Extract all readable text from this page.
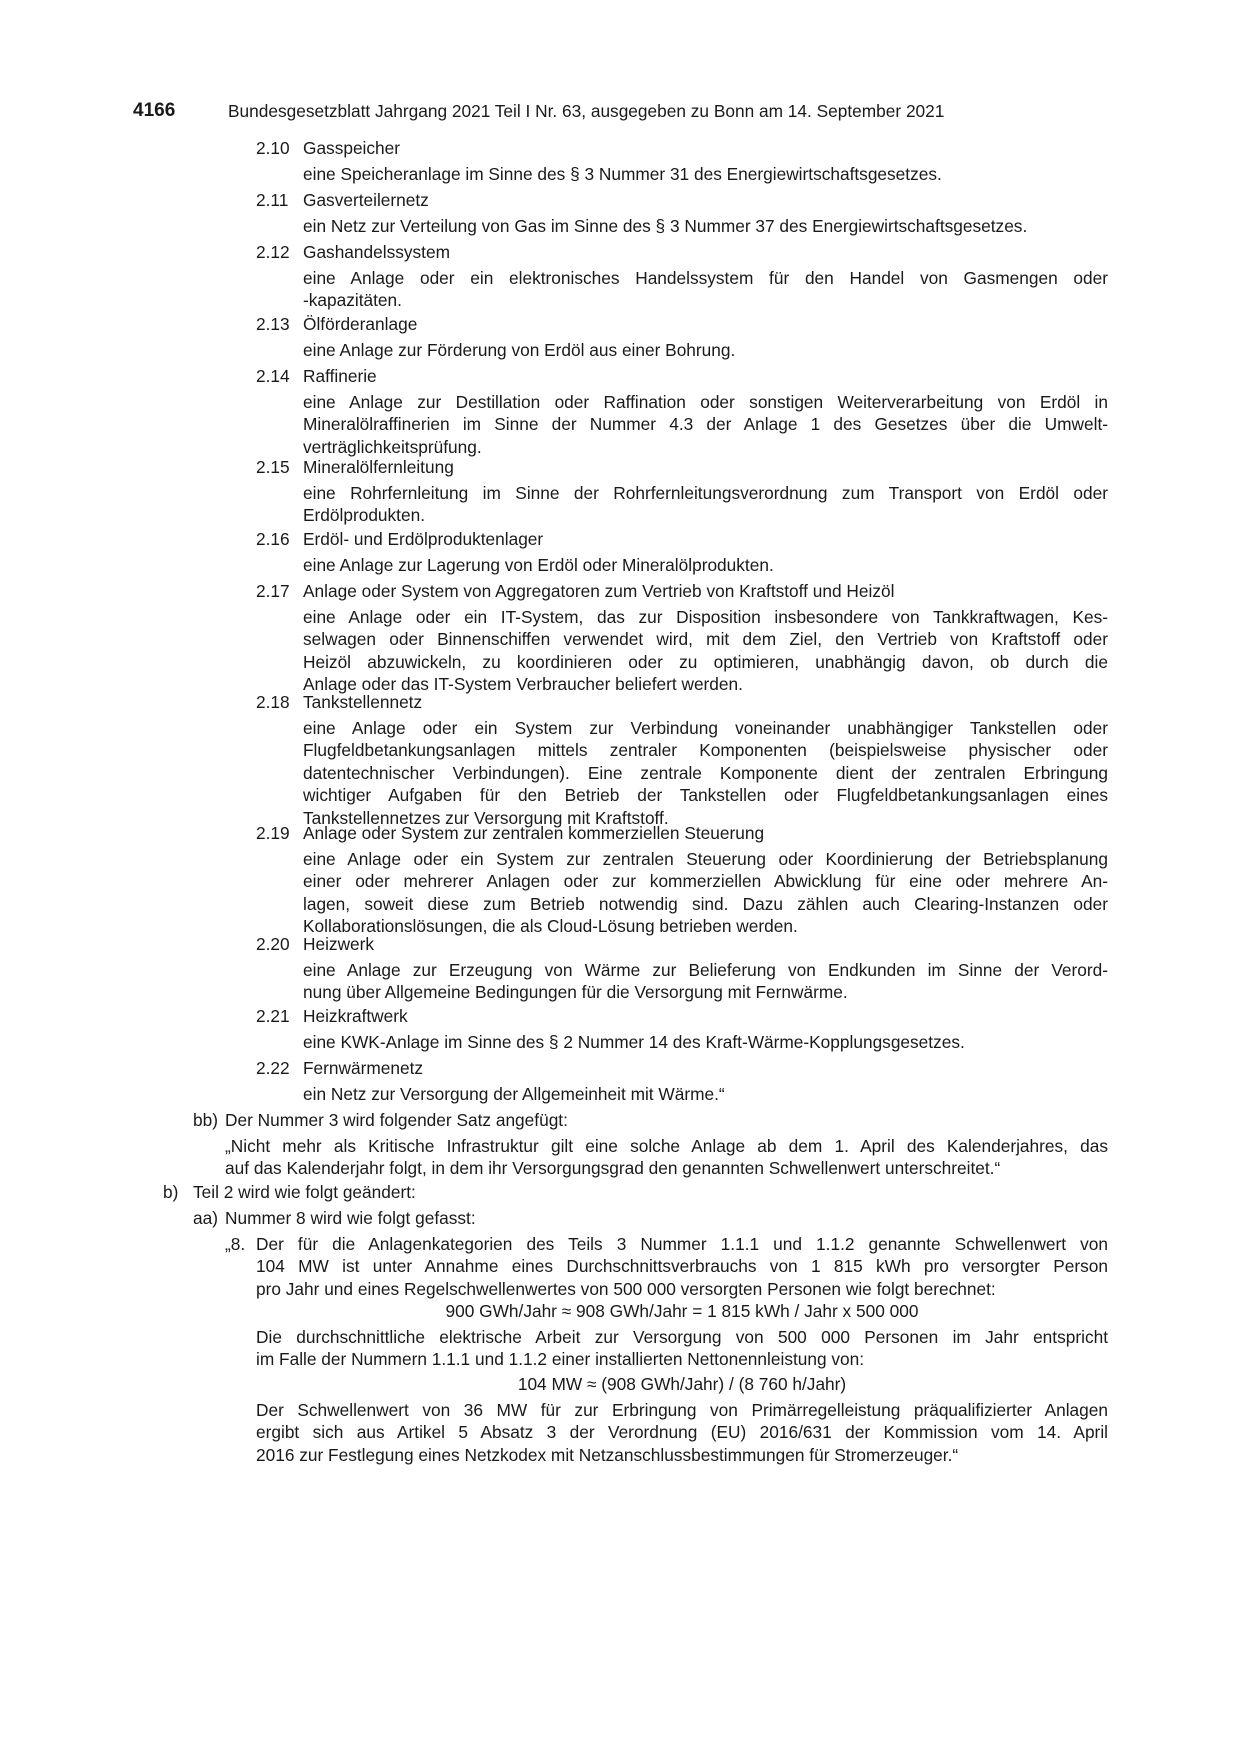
4166	Bundesgesetzblatt Jahrgang 2021 Teil I Nr. 63, ausgegeben zu Bonn am 14. September 2021
2.10 Gasspeicher
eine Speicheranlage im Sinne des § 3 Nummer 31 des Energiewirtschaftsgesetzes.
2.11 Gasverteilernetz
ein Netz zur Verteilung von Gas im Sinne des § 3 Nummer 37 des Energiewirtschaftsgesetzes.
2.12 Gashandelssystem
eine Anlage oder ein elektronisches Handelssystem für den Handel von Gasmengen oder
-kapazitäten.
2.13 Ölförderanlage
eine Anlage zur Förderung von Erdöl aus einer Bohrung.
2.14 Raffinerie
eine Anlage zur Destillation oder Raffination oder sonstigen Weiterverarbeitung von Erdöl in
Mineralölraffinerien im Sinne der Nummer 4.3 der Anlage 1 des Gesetzes über die Umwelt-
verträglichkeitsprüfung.
2.15 Mineralölfernleitung
eine Rohrfernleitung im Sinne der Rohrfernleitungsverordnung zum Transport von Erdöl oder
Erdölprodukten.
2.16 Erdöl- und Erdölproduktenlager
eine Anlage zur Lagerung von Erdöl oder Mineralölprodukten.
2.17 Anlage oder System von Aggregatoren zum Vertrieb von Kraftstoff und Heizöl
eine Anlage oder ein IT-System, das zur Disposition insbesondere von Tankkraftwagen, Kes-
selwagen oder Binnenschiffen verwendet wird, mit dem Ziel, den Vertrieb von Kraftstoff oder
Heizöl abzuwickeln, zu koordinieren oder zu optimieren, unabhängig davon, ob durch die
Anlage oder das IT-System Verbraucher beliefert werden.
2.18 Tankstellennetz
eine Anlage oder ein System zur Verbindung voneinander unabhängiger Tankstellen oder
Flugfeldbetankungsanlagen mittels zentraler Komponenten (beispielsweise physischer oder
datentechnischer Verbindungen). Eine zentrale Komponente dient der zentralen Erbringung
wichtiger Aufgaben für den Betrieb der Tankstellen oder Flugfeldbetankungsanlagen eines
Tankstellennetzes zur Versorgung mit Kraftstoff.
2.19 Anlage oder System zur zentralen kommerziellen Steuerung
eine Anlage oder ein System zur zentralen Steuerung oder Koordinierung der Betriebsplanung
einer oder mehrerer Anlagen oder zur kommerziellen Abwicklung für eine oder mehrere An-
lagen, soweit diese zum Betrieb notwendig sind. Dazu zählen auch Clearing-Instanzen oder
Kollaborationslösungen, die als Cloud-Lösung betrieben werden.
2.20 Heizwerk
eine Anlage zur Erzeugung von Wärme zur Belieferung von Endkunden im Sinne der Verord-
nung über Allgemeine Bedingungen für die Versorgung mit Fernwärme.
2.21 Heizkraftwerk
eine KWK-Anlage im Sinne des § 2 Nummer 14 des Kraft-Wärme-Kopplungsgesetzes.
2.22 Fernwärmenetz
ein Netz zur Versorgung der Allgemeinheit mit Wärme.“
bb) Der Nummer 3 wird folgender Satz angefügt:
„Nicht mehr als Kritische Infrastruktur gilt eine solche Anlage ab dem 1. April des Kalenderjahres, das
auf das Kalenderjahr folgt, in dem ihr Versorgungsgrad den genannten Schwellenwert unterschreitet.“
b) Teil 2 wird wie folgt geändert:
aa) Nummer 8 wird wie folgt gefasst:
„8. Der für die Anlagenkategorien des Teils 3 Nummer 1.1.1 und 1.1.2 genannte Schwellenwert von
104 MW ist unter Annahme eines Durchschnittsverbrauchs von 1 815 kWh pro versorgter Person
pro Jahr und eines Regelschwellenwertes von 500 000 versorgten Personen wie folgt berechnet:
900 GWh/Jahr ≈ 908 GWh/Jahr = 1 815 kWh / Jahr x 500 000
Die durchschnittliche elektrische Arbeit zur Versorgung von 500 000 Personen im Jahr entspricht
im Falle der Nummern 1.1.1 und 1.1.2 einer installierten Nettonennleistung von:
104 MW ≈ (908 GWh/Jahr) / (8 760 h/Jahr)
Der Schwellenwert von 36 MW für zur Erbringung von Primärregelleistung präqualifizierter Anlagen
ergibt sich aus Artikel 5 Absatz 3 der Verordnung (EU) 2016/631 der Kommission vom 14. April
2016 zur Festlegung eines Netzkodex mit Netzanschlussbestimmungen für Stromerzeuger.“
